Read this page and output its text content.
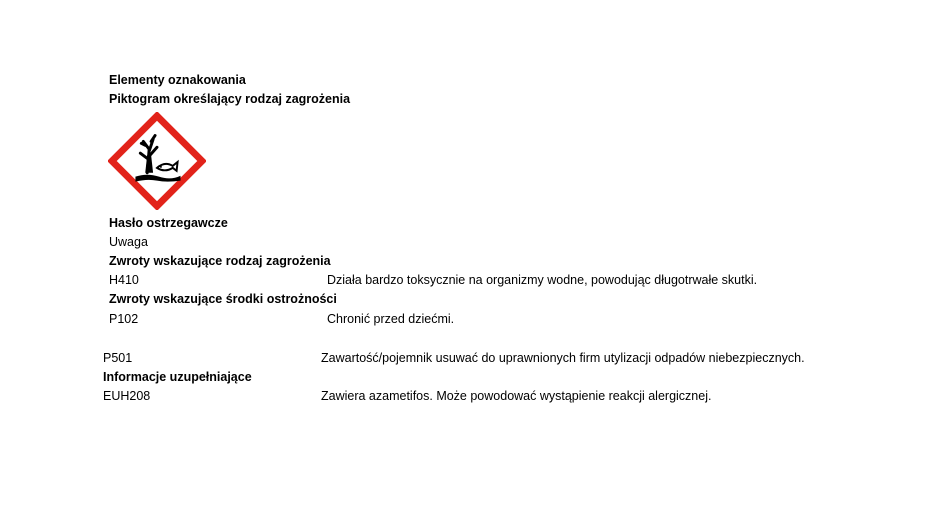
Elementy oznakowania
Piktogram określający rodzaj zagrożenia
Hasło ostrzegawcze
Uwaga
Zwroty wskazujące rodzaj zagrożenia
H410	Działa bardzo toksycznie na organizmy wodne, powodując długotrwałe skutki.
Zwroty wskazujące środki ostrożności
P102	Chronić przed dziećmi.
P501	Zawartość/pojemnik usuwać do uprawnionych firm utylizacji odpadów niebezpiecznych.
Informacje uzupełniające
EUH208	Zawiera azametifos. Może powodować wystąpienie reakcji alergicznej.
